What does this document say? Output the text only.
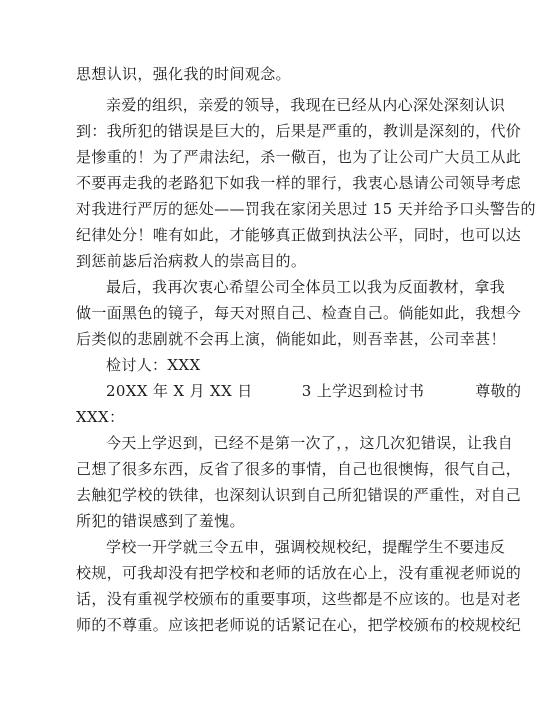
思想认识，强化我的时间观念。
亲爱的组织，亲爱的领导，我现在已经从内心深处深刻认识
到：我所犯的错误是巨大的，后果是严重的，教训是深刻的，代价
是惨重的！为了严肃法纪，杀一儆百，也为了让公司广大员工从此
不要再走我的老路犯下如我一样的罪行，我衷心恳请公司领导考虑
对我进行严厉的惩处——罚我在家闭关思过 15 天并给予口头警告的
纪律处分！唯有如此，才能够真正做到执法公平，同时，也可以达
到惩前毖后治病救人的崇高目的。
最后，我再次衷心希望公司全体员工以我为反面教材，拿我
做一面黑色的镜子，每天对照自己、检查自己。倘能如此，我想今
后类似的悲剧就不会再上演，倘能如此，则吾幸甚，公司幸甚！
检讨人：XXX
20XX 年 X 月 XX 日	3 上学迟到检讨书	尊敬的
XXX：
今天上学迟到，已经不是第一次了，，这几次犯错误，让我自
己想了很多东西，反省了很多的事情，自己也很懊悔，很气自己，
去触犯学校的铁律，也深刻认识到自己所犯错误的严重性，对自己
所犯的错误感到了羞愧。
学校一开学就三令五申，强调校规校纪，提醒学生不要违反
校规，可我却没有把学校和老师的话放在心上，没有重视老师说的
话，没有重视学校颁布的重要事项，这些都是不应该的。也是对老
师的不尊重。应该把老师说的话紧记在心，把学校颁布的校规校纪
